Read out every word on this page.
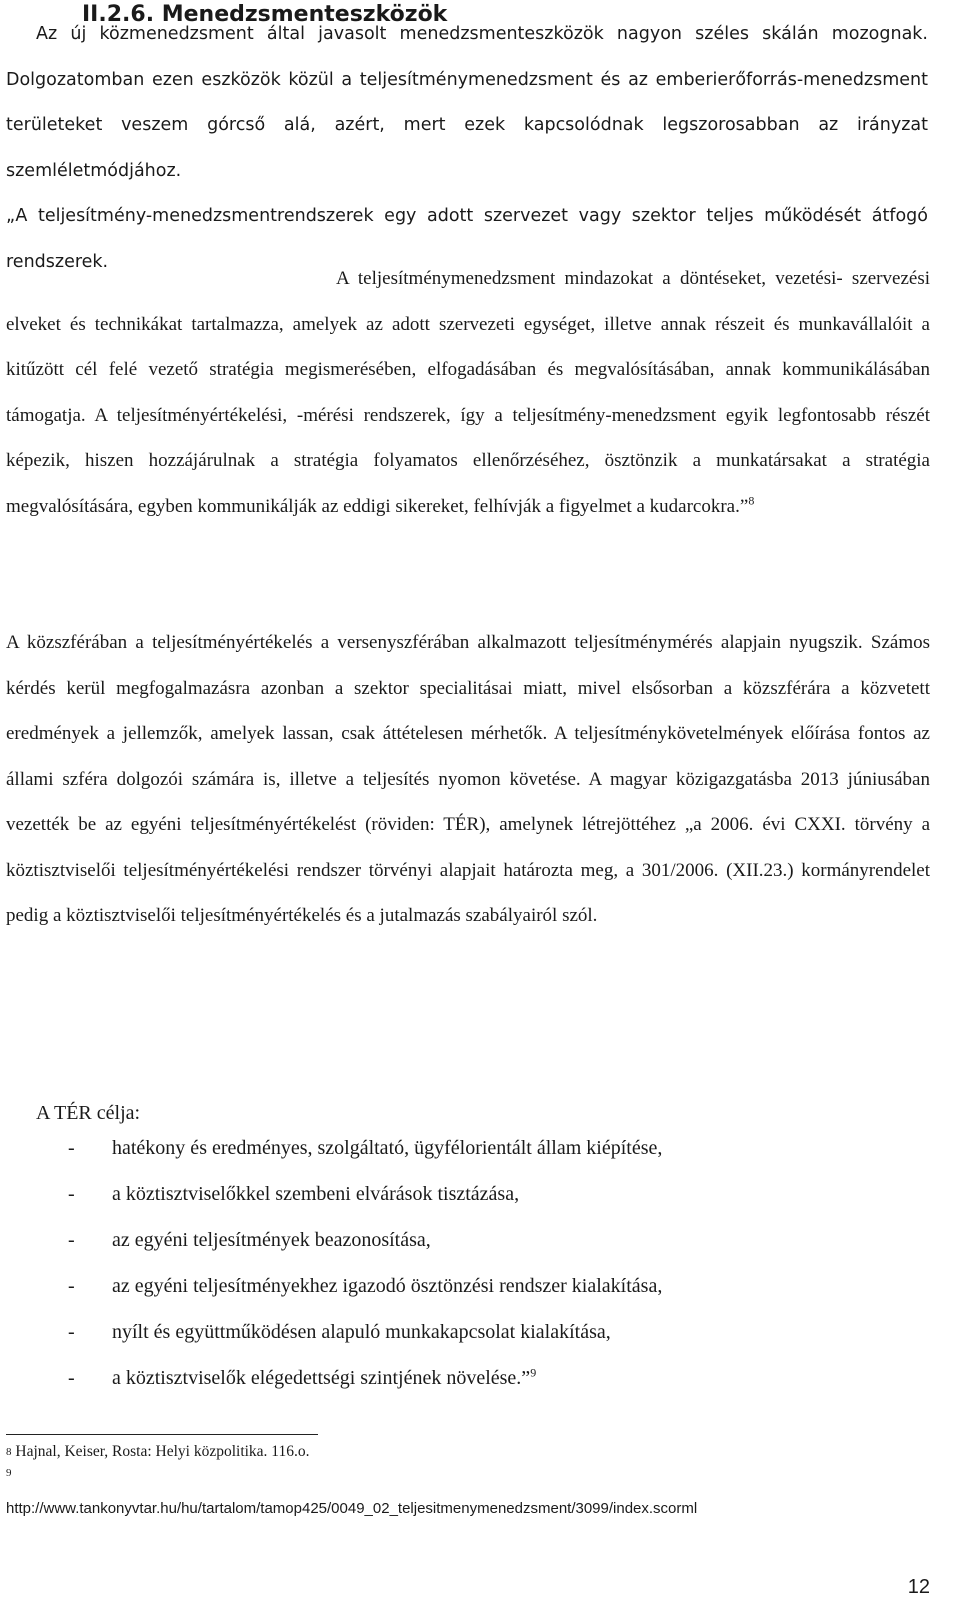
II.2.6. Menedzsmenteszközök

Az új közmenedzsment által javasolt menedzsmenteszközök nagyon széles skálán mozognak. Dolgozatomban ezen eszközök közül a teljesítménymenedzsment és az emberierőforrás-menedzsment területeket veszem górcső alá, azért, mert ezek kapcsolódnak legszorosabban az irányzat szemléletmódjához.

„A teljesítmény-menedzsmentrendszerek egy adott szervezet vagy szektor teljes működését átfogó rendszerek.

A teljesítménymenedzsment mindazokat a döntéseket, vezetési- szervezési elveket és technikákat tartalmazza, amelyek az adott szervezeti egységet, illetve annak részeit és munkavállalóit a kitűzött cél felé vezető stratégia megismerésében, elfogadásában és megvalósításában, annak kommunikálásában támogatja. A teljesítményértékelési, -mérési rendszerek, így a teljesítmény-menedzsment egyik legfontosabb részét képezik, hiszen hozzájárulnak a stratégia folyamatos ellenőrzéséhez, ösztönzik a munkatársakat a stratégia megvalósítására, egyben kommunikálják az eddigi sikereket, felhívják a figyelmet a kudarcokra.”$^8$

A közszférában a teljesítményértékelés a versenyszférában alkalmazott teljesítménymérés alapjain nyugszik. Számos kérdés kerül megfogalmazásra azonban a szektor specialitásai miatt, mivel elsősorban a közszférára a közvetett eredmények a jellemzők, amelyek lassan, csak áttételesen mérhetők. A teljesítménykövetelmények előírása fontos az állami szféra dolgozói számára is, illetve a teljesítés nyomon követése. A magyar közigazgatásba 2013 júniusában vezették be az egyéni teljesítményértékelést (röviden: TÉR), amelynek létrejöttéhez „a 2006. évi CXXI. törvény a köztisztviselői teljesítményértékelési rendszer törvényi alapjait határozta meg, a 301/2006. (XII.23.) kormányrendelet pedig a köztisztviselői teljesítményértékelés és a jutalmazás szabályairól szól.

A TÉR célja:

- hatékony és eredményes, szolgáltató, ügyfélorientált állam kiépítése,
- a köztisztviselőkkel szembeni elvárások tisztázása,
- az egyéni teljesítmények beazonosítása,
- az egyéni teljesítményekhez igazodó ösztönzési rendszer kialakítása,
- nyílt és együttműködésen alapuló munkakapcsolat kialakítása,
- a köztisztviselők elégedettségi szintjének növelése.”$^9$

$^8$ Hajnal, Keiser, Rosta: Helyi közpolitika. 116.o.

$^9$

http://www.tankonyvtar.hu/hu/tartalom/tamop425/0049_02_teljesitmenymenedzsment/3099/index.scorml

12
